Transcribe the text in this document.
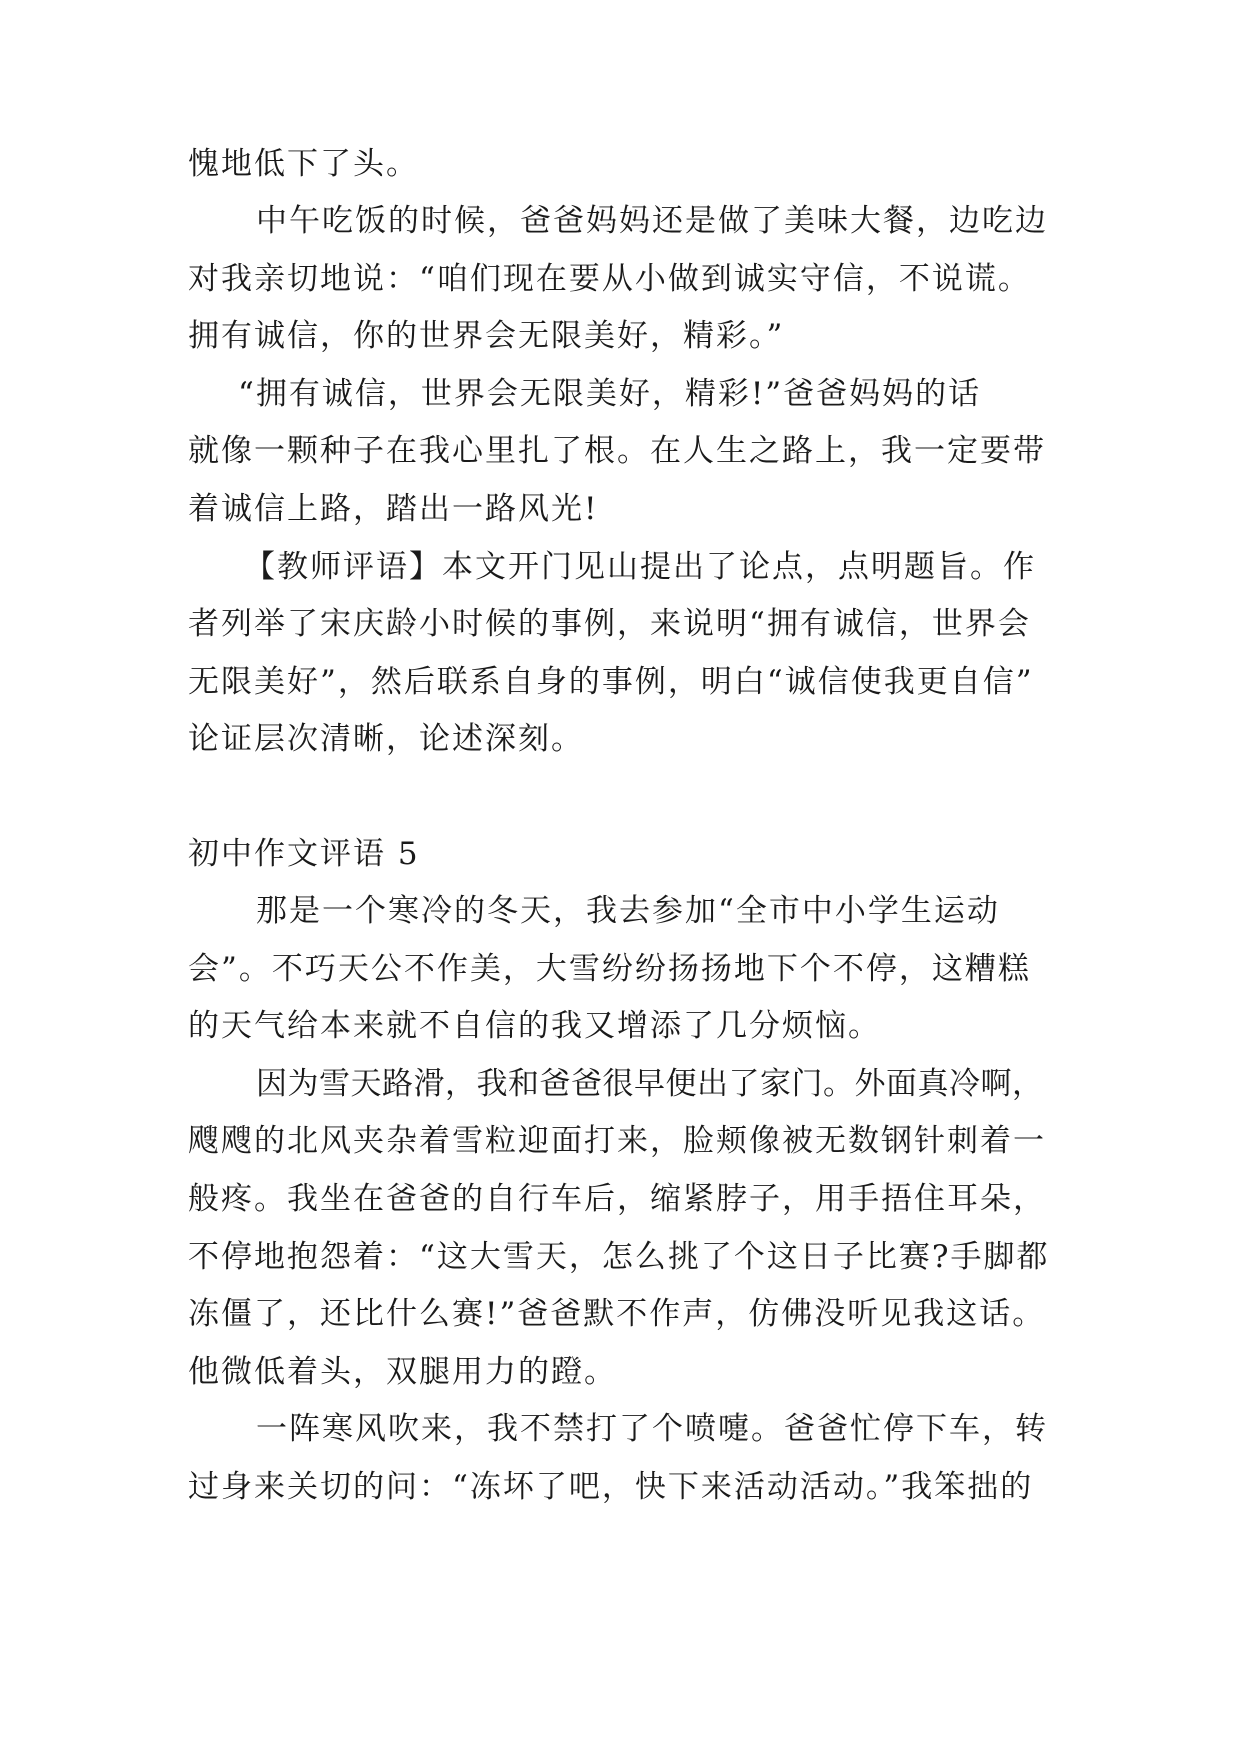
愧地低下了头。
中午吃饭的时候，爸爸妈妈还是做了美味大餐，边吃边
对我亲切地说：“咱们现在要从小做到诚实守信，不说谎。
拥有诚信，你的世界会无限美好，精彩。”
“拥有诚信，世界会无限美好，精彩!”爸爸妈妈的话
就像一颗种子在我心里扎了根。在人生之路上，我一定要带
着诚信上路，踏出一路风光!
【教师评语】本文开门见山提出了论点，点明题旨。作
者列举了宋庆龄小时候的事例，来说明“拥有诚信，世界会
无限美好”，然后联系自身的事例，明白“诚信使我更自信”
论证层次清晰，论述深刻。
初中作文评语 5
那是一个寒冷的冬天，我去参加“全市中小学生运动
会”。不巧天公不作美，大雪纷纷扬扬地下个不停，这糟糕
的天气给本来就不自信的我又增添了几分烦恼。
因为雪天路滑，我和爸爸很早便出了家门。外面真冷啊，
飕飕的北风夹杂着雪粒迎面打来，脸颊像被无数钢针刺着一
般疼。我坐在爸爸的自行车后，缩紧脖子，用手捂住耳朵，
不停地抱怨着：“这大雪天，怎么挑了个这日子比赛?手脚都
冻僵了，还比什么赛!”爸爸默不作声，仿佛没听见我这话。
他微低着头，双腿用力的蹬。
一阵寒风吹来，我不禁打了个喷嚏。爸爸忙停下车，转
过身来关切的问：“冻坏了吧，快下来活动活动。”我笨拙的
